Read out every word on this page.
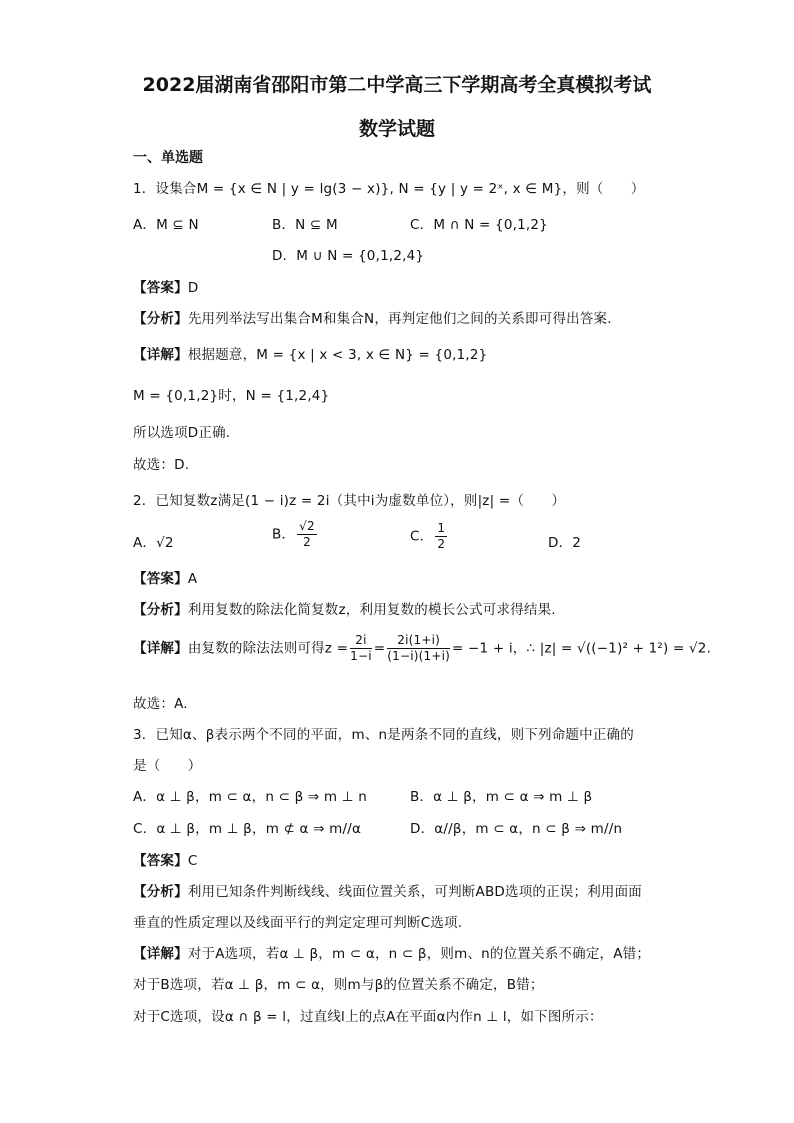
2022届湖南省邵阳市第二中学高三下学期高考全真模拟考试
数学试题
一、单选题
1．设集合M = {x ∈ N | y = lg(3 − x)}, N = {y | y = 2ˣ, x ∈ M}，则（　　）
A．M ⊆ N	B．N ⊆ M	C．M ∩ N = {0,1,2}
D．M ∪ N = {0,1,2,4}
【答案】D
【分析】先用列举法写出集合M和集合N，再判定他们之间的关系即可得出答案.
【详解】根据题意，M = {x | x < 3, x ∈ N} = {0,1,2}
M = {0,1,2}时，N = {1,2,4}
所以选项D正确.
故选：D.
2．已知复数z满足(1 − i)z = 2i（其中i为虚数单位），则|z| =（　　）
A．√2
B． $\frac{√2}{2}$	C． $\frac{1}{2}$	D．2
【答案】A
【分析】利用复数的除法化简复数z，利用复数的模长公式可求得结果.
【详解】由复数的除法法则可得$z = \frac{2i}{1-i} = \frac{2i(1+i)}{(1-i)(1+i)} = -1 + i$，∴ |z| = √((−1)² + 1²) = √2.
故选：A.
3．已知α、β表示两个不同的平面，m、n是两条不同的直线，则下列命题中正确的
是（　　）
A．α ⊥ β，m ⊂ α，n ⊂ β ⇒ m ⊥ n	B．α ⊥ β，m ⊂ α ⇒ m ⊥ β
C．α ⊥ β，m ⊥ β，m ⊄ α ⇒ m//α	D．α//β，m ⊂ α，n ⊂ β ⇒ m//n
【答案】C
【分析】利用已知条件判断线线、线面位置关系，可判断ABD选项的正误；利用面面
垂直的性质定理以及线面平行的判定定理可判断C选项.
【详解】对于A选项，若α ⊥ β，m ⊂ α，n ⊂ β，则m、n的位置关系不确定，A错；
对于B选项，若α ⊥ β，m ⊂ α，则m与β的位置关系不确定，B错；
对于C选项，设α ∩ β = l，过直线l上的点A在平面α内作n ⊥ l，如下图所示：
